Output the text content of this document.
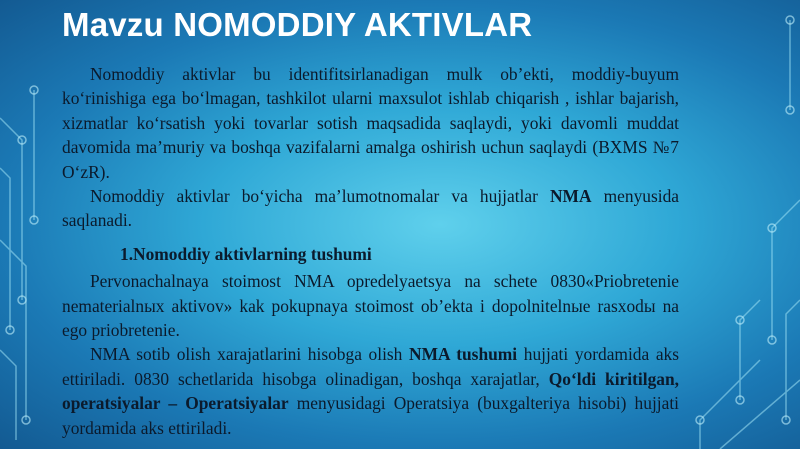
Mavzu NOMODDIY AKTIVLAR

Nomoddiy aktivlar bu identifitsirlanadigan mulk ob’ekti, moddiy-buyum ko‘rinishiga ega bo‘lmagan, tashkilot ularni maxsulot ishlab chiqarish , ishlar bajarish, xizmatlar ko‘rsatish yoki tovarlar sotish maqsadida saqlaydi, yoki davomli muddat davomida ma’muriy va boshqa vazifalarni amalga oshirish uchun saqlaydi (BXMS №7 O‘zR).

Nomoddiy aktivlar bo‘yicha ma’lumotnomalar va hujjatlar NMA menyusida saqlanadi.

1.Nomoddiy aktivlarning tushumi

Pervonachalnaya stoimost NMA opredelyaetsya na schete 0830«Priobretenie nematerialnыx aktivov» kak pokupnaya stoimost ob’ekta i dopolnitelnыe rasxodы na ego priobretenie.

NMA sotib olish xarajatlarini hisobga olish NMA tushumi hujjati yordamida aks ettiriladi. 0830 schetlarida hisobga olinadigan, boshqa xarajatlar, Qo‘ldi kiritilgan, operatsiyalar – Operatsiyalar menyusidagi Operatsiya (buxgalteriya hisobi) hujjati yordamida aks ettiriladi.
